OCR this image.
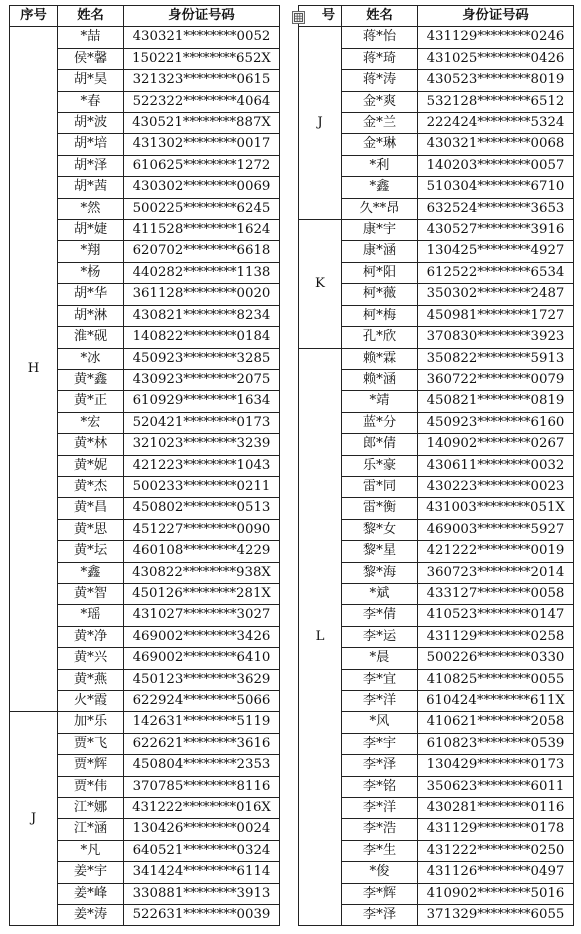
序号	姓名	身份证号码
H	*喆	430321********0052
	侯*馨	150221********652X
	胡*昊	321323********0615
	*春	522322********4064
	胡*波	430521********887X
	胡*培	431302********0017
	胡*泽	610625********1272
	胡*茜	430302********0069
	*然	500225********6245
	胡*婕	411528********1624
	*翔	620702********6618
	*杨	440282********1138
	胡*华	361128********0020
	胡*淋	430821********8234
	淮*砚	140822********0184
	*冰	450923********3285
	黄*鑫	430923********2075
	黄*正	610929********1634
	*宏	520421********0173
	黄*林	321023********3239
	黄*妮	421223********1043
	黄*杰	500233********0211
	黄*昌	450802********0513
	黄*思	451227********0090
	黄*坛	460108********4229
	*鑫	430822********938X
	黄*智	450126********281X
	*瑶	431027********3027
	黄*净	469002********3426
	黄*兴	469002********6410
	黄*燕	450123********3629
	火*霞	622924********5066
J	加*乐	142631********5119
	贾*飞	622621********3616
	贾*辉	450804********2353
	贾*伟	370785********8116
	江*娜	431222********016X
	江*涵	130426********0024
	*凡	640521********0324
	姜*宇	341424********6114
	姜*峰	330881********3913
	姜*涛	522631********0039
号	姓名	身份证号码
J	蒋*怡	431129********0246
	蒋*琦	431025********0426
	蒋*涛	430523********8019
	金*爽	532128********6512
	金*兰	222424********5324
	金*琳	430321********0068
	*利	140203********0057
	*鑫	510304********6710
	久**昂	632524********3653
K	康*宇	430527********3916
	康*涵	130425********4927
	柯*阳	612522********6534
	柯*薇	350302********2487
	柯*梅	450981********1727
	孔*欣	370830********3923
L	赖*霖	350822********5913
	赖*涵	360722********0079
	*靖	450821********0819
	蓝*分	450923********6160
	郎*倩	140902********0267
	乐*豪	430611********0032
	雷*同	430223********0023
	雷*衡	431003********051X
	黎*女	469003********5927
	黎*星	421222********0019
	黎*海	360723********2014
	*斌	433127********0058
	李*倩	410523********0147
	李*运	431129********0258
	*晨	500226********0330
	李*宜	410825********0055
	李*洋	610424********611X
	*风	410621********2058
	李*宇	610823********0539
	李*泽	130429********0173
	李*铭	350623********6011
	李*洋	430281********0116
	李*浩	431129********0178
	李*生	431222********0250
	*俊	431126********0497
	李*辉	410902********5016
	李*泽	371329********6055
